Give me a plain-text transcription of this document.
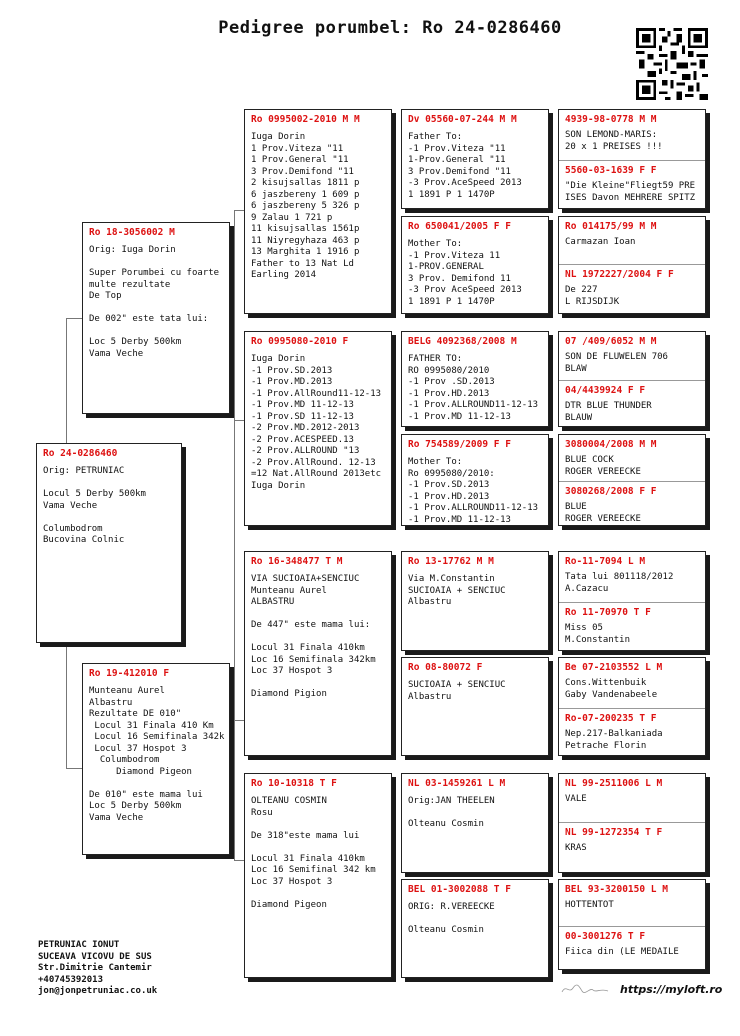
Pedigree porumbel: Ro 24-0286460
Ro 24-0286460
Orig: PETRUNIAC

Locul 5 Derby 500km
Vama Veche

Columbodrom
Bucovina Colnic
Ro 18-3056002 M
Orig: Iuga Dorin

Super Porumbei cu foarte
multe rezultate
De Top

De 002" este tata lui:

Loc 5 Derby 500km
Vama Veche
Ro 19-412010 F
Munteanu Aurel
Albastru
Rezultate DE 010"
Locul 31 Finala 410 Km
Locul 16 Semifinala 342k
Locul 37 Hospot 3
Columbodrom
Diamond Pigeon

De 010" este mama lui
Loc 5 Derby 500km
Vama Veche
Ro 0995002-2010 M M
Iuga Dorin
1 Prov.Viteza "11
1 Prov.General "11
3 Prov.Demifond "11
2 kisujsallas 1811 p
6 jaszbereny 1 609 p
6 jaszbereny 5 326 p
9 Zalau 1 721 p
11 kisujsallas 1561p
11 Niyregyhaza 463 p
13 Marghita 1 1916 p
Father to 13 Nat Ld
Earling 2014
Ro 0995080-2010 F
Iuga Dorin
-1 Prov.SD.2013
-1 Prov.MD.2013
-1 Prov.AllRound11-12-13
-1 Prov.MD 11-12-13
-1 Prov.SD 11-12-13
-2 Prov.MD.2012-2013
-2 Prov.ACESPEED.13
-2 Prov.ALLROUND "13
-2 Prov.AllRound. 12-13
=12 Nat.AllRound 2013etc
Iuga Dorin
Ro 16-348477 T M
VIA SUCIOAIA+SENCIUC
Munteanu Aurel
ALBASTRU

De 447" este mama lui:

Locul 31 Finala 410km
Loc 16 Semifinala 342km
Loc 37 Hospot 3

Diamond Pigion
Ro 10-10318 T F
OLTEANU COSMIN
Rosu

De 318"este mama lui

Locul 31 Finala 410km
Loc 16 Semifinal 342 km
Loc 37 Hospot 3

Diamond Pigeon
Dv 05560-07-244 M M
Father To:
-1 Prov.Viteza "11
1-Prov.General "11
3 Prov.Demifond "11
-3 Prov.AceSpeed 2013
1 1891 P 1 1470P
Ro 650041/2005 F F
Mother To:
-1 Prov.Viteza 11
1-PROV.GENERAL
3 Prov. Demifond 11
-3 Prov AceSpeed 2013
1 1891 P 1 1470P
BELG 4092368/2008 M
FATHER TO:
RO 0995080/2010
-1 Prov .SD.2013
-1 Prov.HD.2013
-1 Prov.ALLROUND11-12-13
-1 Prov.MD 11-12-13
Ro 754589/2009 F F
Mother To:
Ro 0995080/2010:
-1 Prov.SD.2013
-1 Prov.HD.2013
-1 Prov.ALLROUND11-12-13
-1 Prov.MD 11-12-13
Ro 13-17762 M M
Via M.Constantin
SUCIOAIA + SENCIUC
Albastru
Ro 08-80072 F
SUCIOAIA + SENCIUC
Albastru
NL 03-1459261 L M
Orig:JAN THEELEN

Olteanu Cosmin
BEL 01-3002088 T F
ORIG: R.VEREECKE

Olteanu Cosmin
4939-98-0778 M M
SON LEMOND-MARIS:
20 x 1 PREISES !!!
5560-03-1639 F F
"Die Kleine"Fliegt59 PRE
ISES Davon MEHRERE SPITZ
Ro 014175/99 M M
Carmazan Ioan
NL 1972227/2004 F F
De 227
L RIJSDIJK
07 /409/6052 M M
SON DE FLUWELEN 706
BLAW
04/4439924 F F
DTR BLUE THUNDER
BLAUW
3080004/2008 M M
BLUE COCK
ROGER VEREECKE
3080268/2008 F F
BLUE
ROGER VEREECKE
Ro-11-7094 L M
Tata lui 801118/2012
A.Cazacu
Ro 11-70970 T F
Miss 05
M.Constantin
Be 07-2103552 L M
Cons.Wittenbuik
Gaby Vandenabeele
Ro-07-200235 T F
Nep.217-Balkaniada
Petrache Florin
NL 99-2511006 L M
VALE
NL 99-1272354 T F
KRAS
BEL 93-3200150 L M
HOTTENTOT
00-3001276 T F
Fiica din (LE MEDAILE
PETRUNIAC IONUT
SUCEAVA VICOVU DE SUS
Str.Dimitrie Cantemir
+40745392013
jon@jonpetruniac.co.uk	https://myloft.ro
